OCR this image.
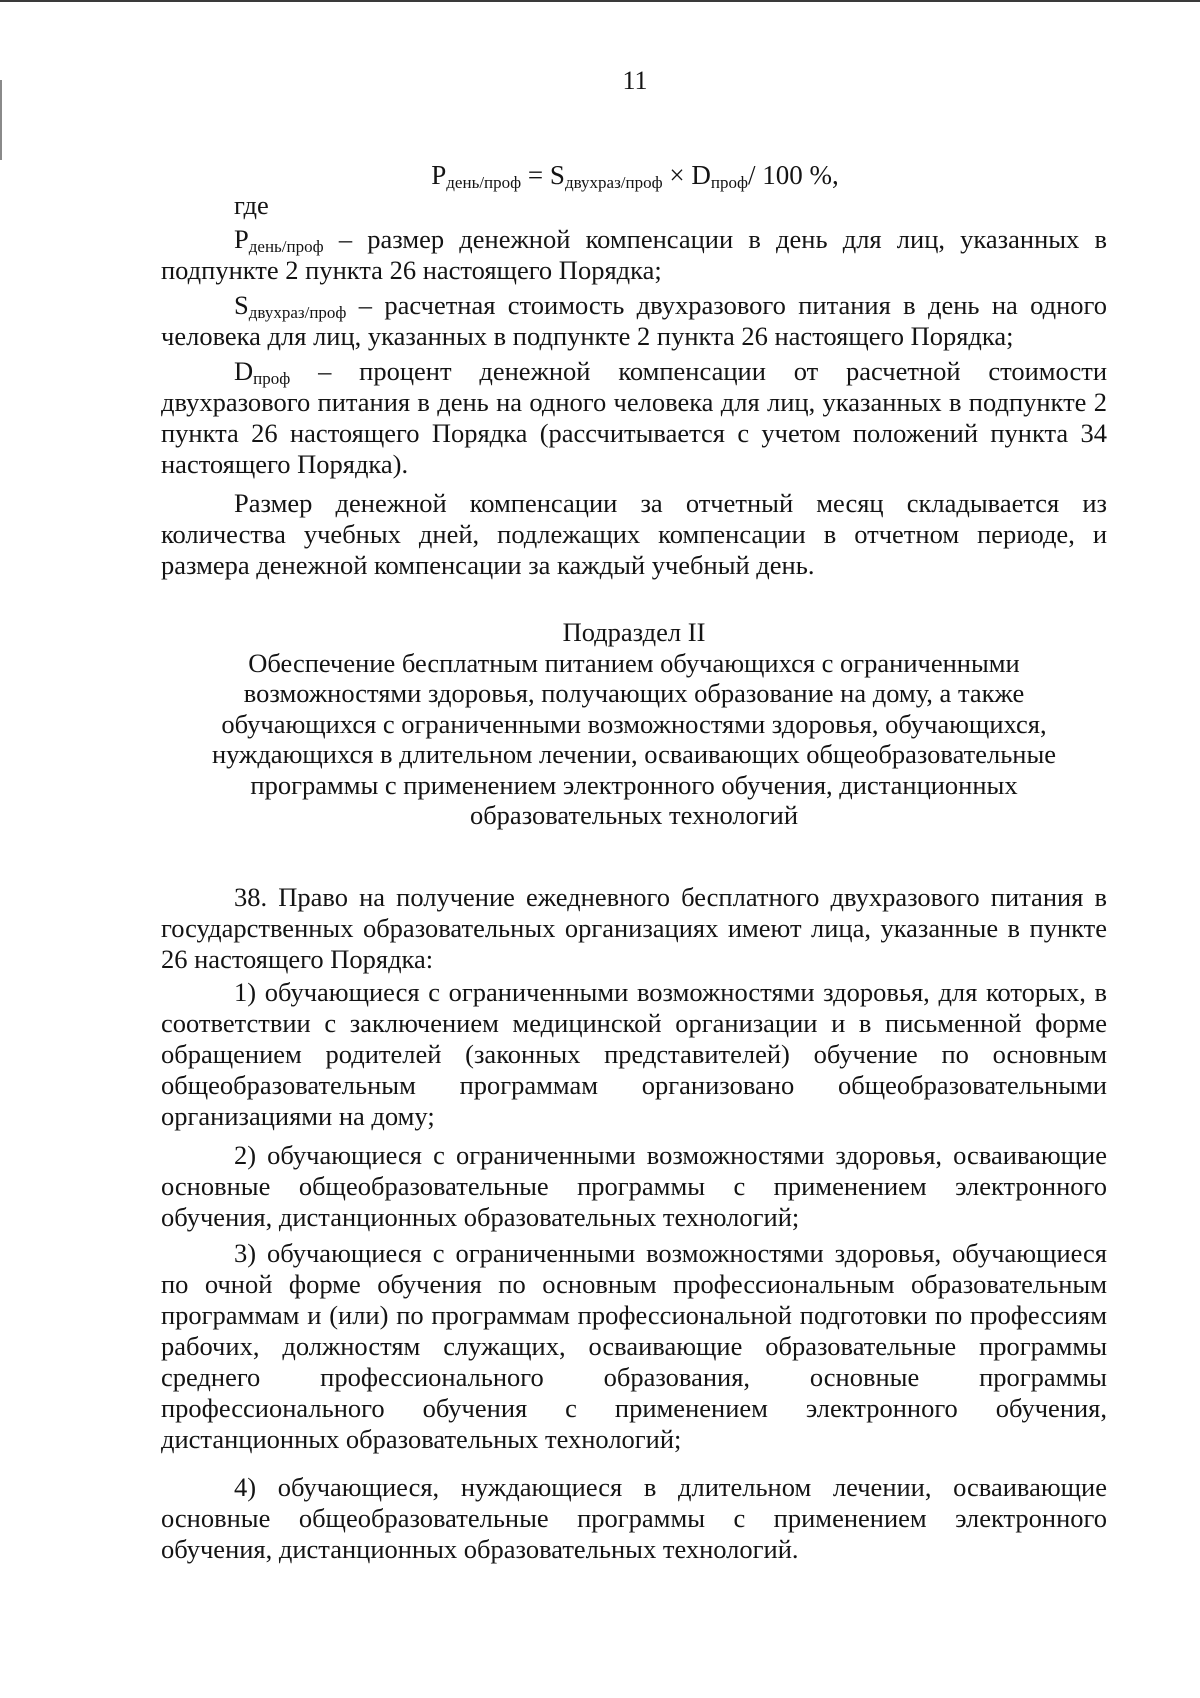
11
$P_{день/проф} = S_{двухраз/проф} \times D_{проф}/$ 100 %,
где
$P_{день/проф}$ – размер денежной компенсации в день для лиц, указанных в подпункте 2 пункта 26 настоящего Порядка;
$S_{двухраз/проф}$ – расчетная стоимость двухразового питания в день на одного человека для лиц, указанных в подпункте 2 пункта 26 настоящего Порядка;
$D_{проф}$ – процент денежной компенсации от расчетной стоимости двухразового питания в день на одного человека для лиц, указанных в подпункте 2 пункта 26 настоящего Порядка (рассчитывается с учетом положений пункта 34 настоящего Порядка).
Размер денежной компенсации за отчетный месяц складывается из количества учебных дней, подлежащих компенсации в отчетном периоде, и размера денежной компенсации за каждый учебный день.
Подраздел II
Обеспечение бесплатным питанием обучающихся с ограниченными
возможностями здоровья, получающих образование на дому, а также
обучающихся с ограниченными возможностями здоровья, обучающихся,
нуждающихся в длительном лечении, осваивающих общеобразовательные
программы с применением электронного обучения, дистанционных
образовательных технологий
38. Право на получение ежедневного бесплатного двухразового питания в государственных образовательных организациях имеют лица, указанные в пункте 26 настоящего Порядка:
1) обучающиеся с ограниченными возможностями здоровья, для которых, в соответствии с заключением медицинской организации и в письменной форме обращением родителей (законных представителей) обучение по основным общеобразовательным программам организовано общеобразовательными организациями на дому;
2) обучающиеся с ограниченными возможностями здоровья, осваивающие основные общеобразовательные программы с применением электронного обучения, дистанционных образовательных технологий;
3) обучающиеся с ограниченными возможностями здоровья, обучающиеся по очной форме обучения по основным профессиональным образовательным программам и (или) по программам профессиональной подготовки по профессиям рабочих, должностям служащих, осваивающие образовательные программы среднего профессионального образования, основные программы профессионального обучения с применением электронного обучения, дистанционных образовательных технологий;
4) обучающиеся, нуждающиеся в длительном лечении, осваивающие основные общеобразовательные программы с применением электронного обучения, дистанционных образовательных технологий.
